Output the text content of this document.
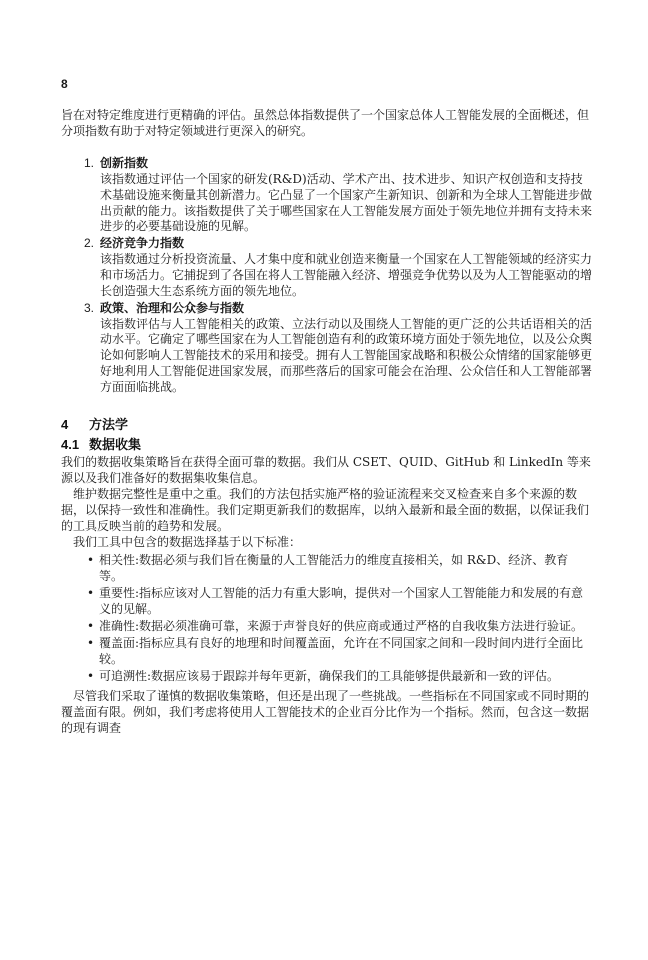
8

旨在对特定维度进行更精确的评估。虽然总体指数提供了一个国家总体人工智能发展的全面概述，但分项指数有助于对特定领域进行更深入的研究。

1. 创新指数

该指数通过评估一个国家的研发(R&D)活动、学术产出、技术进步、知识产权创造和支持技术基础设施来衡量其创新潜力。它凸显了一个国家产生新知识、创新和为全球人工智能进步做出贡献的能力。该指数提供了关于哪些国家在人工智能发展方面处于领先地位并拥有支持未来进步的必要基础设施的见解。

2. 经济竞争力指数

该指数通过分析投资流量、人才集中度和就业创造来衡量一个国家在人工智能领域的经济实力和市场活力。它捕捉到了各国在将人工智能融入经济、增强竞争优势以及为人工智能驱动的增长创造强大生态系统方面的领先地位。

3. 政策、治理和公众参与指数

该指数评估与人工智能相关的政策、立法行动以及围绕人工智能的更广泛的公共话语相关的活动水平。它确定了哪些国家在为人工智能创造有利的政策环境方面处于领先地位，以及公众舆论如何影响人工智能技术的采用和接受。拥有人工智能国家战略和积极公众情绪的国家能够更好地利用人工智能促进国家发展，而那些落后的国家可能会在治理、公众信任和人工智能部署方面面临挑战。

4 方法学
4.1 数据收集

我们的数据收集策略旨在获得全面可靠的数据。我们从 CSET、QUID、GitHub 和 LinkedIn 等来源以及我们准备好的数据集收集信息。

维护数据完整性是重中之重。我们的方法包括实施严格的验证流程来交叉检查来自多个来源的数据，以保持一致性和准确性。我们定期更新我们的数据库，以纳入最新和最全面的数据，以保证我们的工具反映当前的趋势和发展。

我们工具中包含的数据选择基于以下标准：

• 相关性:数据必须与我们旨在衡量的人工智能活力的维度直接相关，如 R&D、经济、教育等。
• 重要性:指标应该对人工智能的活力有重大影响，提供对一个国家人工智能能力和发展的有意义的见解。
• 准确性:数据必须准确可靠，来源于声誉良好的供应商或通过严格的自我收集方法进行验证。
• 覆盖面:指标应具有良好的地理和时间覆盖面，允许在不同国家之间和一段时间内进行全面比较。
• 可追溯性:数据应该易于跟踪并每年更新，确保我们的工具能够提供最新和一致的评估。

尽管我们采取了谨慎的数据收集策略，但还是出现了一些挑战。一些指标在不同国家或不同时期的覆盖面有限。例如，我们考虑将使用人工智能技术的企业百分比作为一个指标。然而，包含这一数据的现有调查
